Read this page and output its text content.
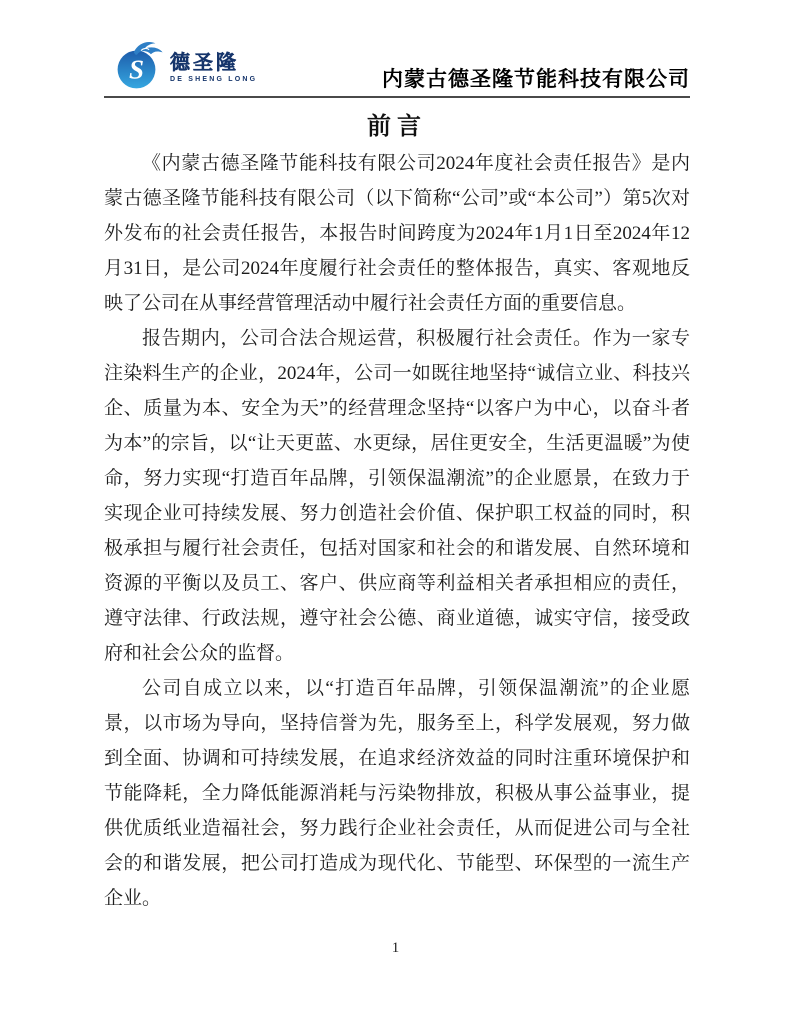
S 德圣隆
DE SHENG LONG	内蒙古德圣隆节能科技有限公司
前言

《内蒙古德圣隆节能科技有限公司2024年度社会责任报告》是内蒙古德圣隆节能科技有限公司（以下简称“公司”或“本公司”）第5次对外发布的社会责任报告，本报告时间跨度为2024年1月1日至2024年12月31日，是公司2024年度履行社会责任的整体报告，真实、客观地反映了公司在从事经营管理活动中履行社会责任方面的重要信息。

报告期内，公司合法合规运营，积极履行社会责任。作为一家专注染料生产的企业，2024年，公司一如既往地坚持“诚信立业、科技兴企、质量为本、安全为天”的经营理念坚持“以客户为中心，以奋斗者为本”的宗旨，以“让天更蓝、水更绿，居住更安全，生活更温暖”为使命，努力实现“打造百年品牌，引领保温潮流”的企业愿景，在致力于实现企业可持续发展、努力创造社会价值、保护职工权益的同时，积极承担与履行社会责任，包括对国家和社会的和谐发展、自然环境和资源的平衡以及员工、客户、供应商等利益相关者承担相应的责任，遵守法律、行政法规，遵守社会公德、商业道德，诚实守信，接受政府和社会公众的监督。

公司自成立以来，以“打造百年品牌，引领保温潮流”的企业愿景，以市场为导向，坚持信誉为先，服务至上，科学发展观，努力做到全面、协调和可持续发展，在追求经济效益的同时注重环境保护和节能降耗，全力降低能源消耗与污染物排放，积极从事公益事业，提供优质纸业造福社会，努力践行企业社会责任，从而促进公司与全社会的和谐发展，把公司打造成为现代化、节能型、环保型的一流生产企业。

1
